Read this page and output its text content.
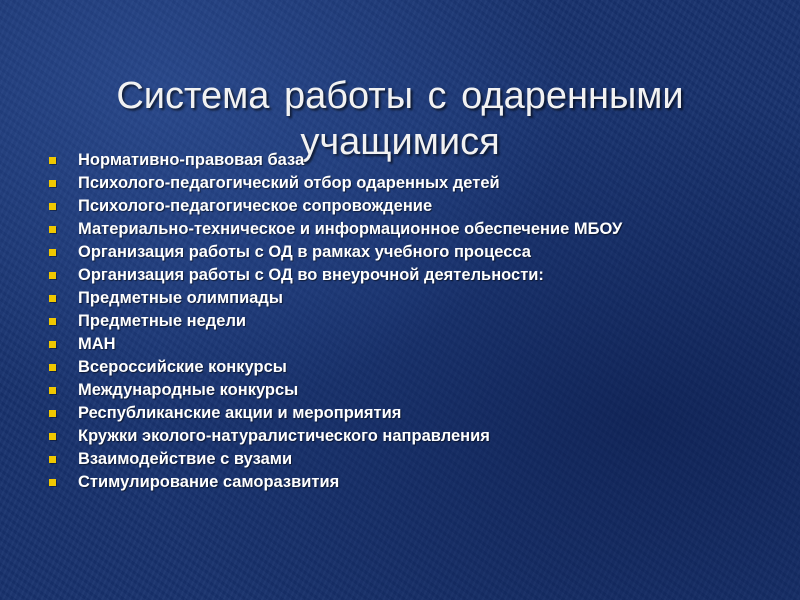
Система работы с одаренными учащимися
Нормативно-правовая база
Психолого-педагогический отбор одаренных детей
Психолого-педагогическое сопровождение
Материально-техническое и информационное обеспечение МБОУ
Организация работы с ОД в рамках учебного процесса
Организация работы с ОД во внеурочной деятельности:
Предметные олимпиады
Предметные недели
МАН
Всероссийские конкурсы
Международные конкурсы
Республиканские акции и мероприятия
Кружки эколого-натуралистического направления
Взаимодействие с вузами
Стимулирование саморазвития
